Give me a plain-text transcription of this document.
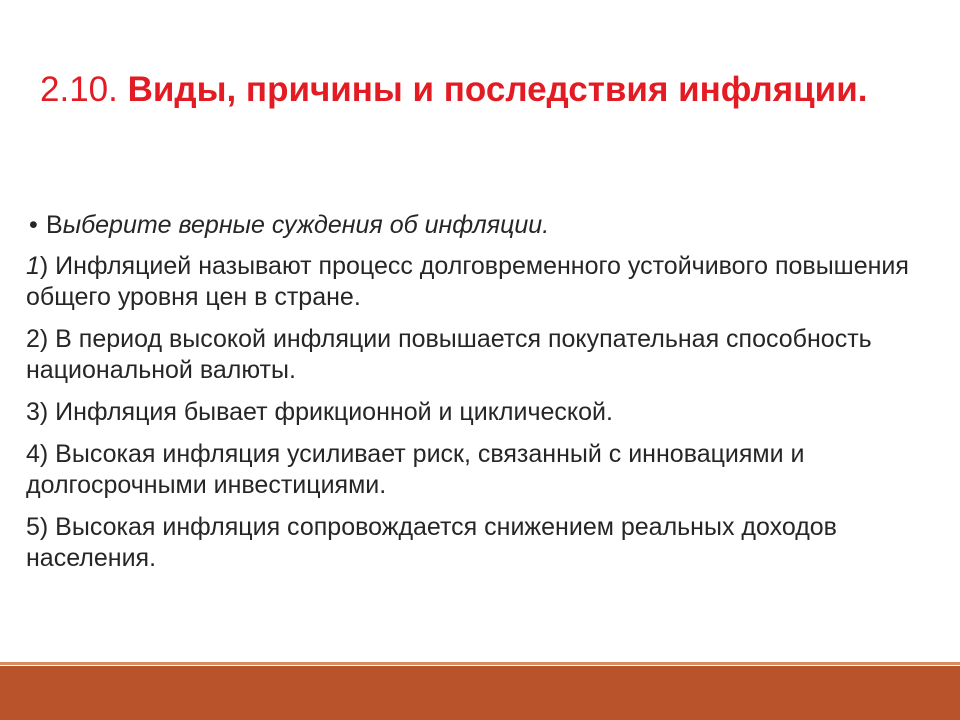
2.10. Виды, причины и последствия инфляции.
• Выберите верные суждения об инфляции.
1) Инфляцией называют процесс долговременного устойчивого повышения общего уровня цен в стране.
2) В период высокой инфляции повышается покупательная способность национальной валюты.
3) Инфляция бывает фрикционной и циклической.
4) Высокая инфляция усиливает риск, связанный с инновациями и долгосрочными инвестициями.
5) Высокая инфляция сопровождается снижением реальных доходов населения.
